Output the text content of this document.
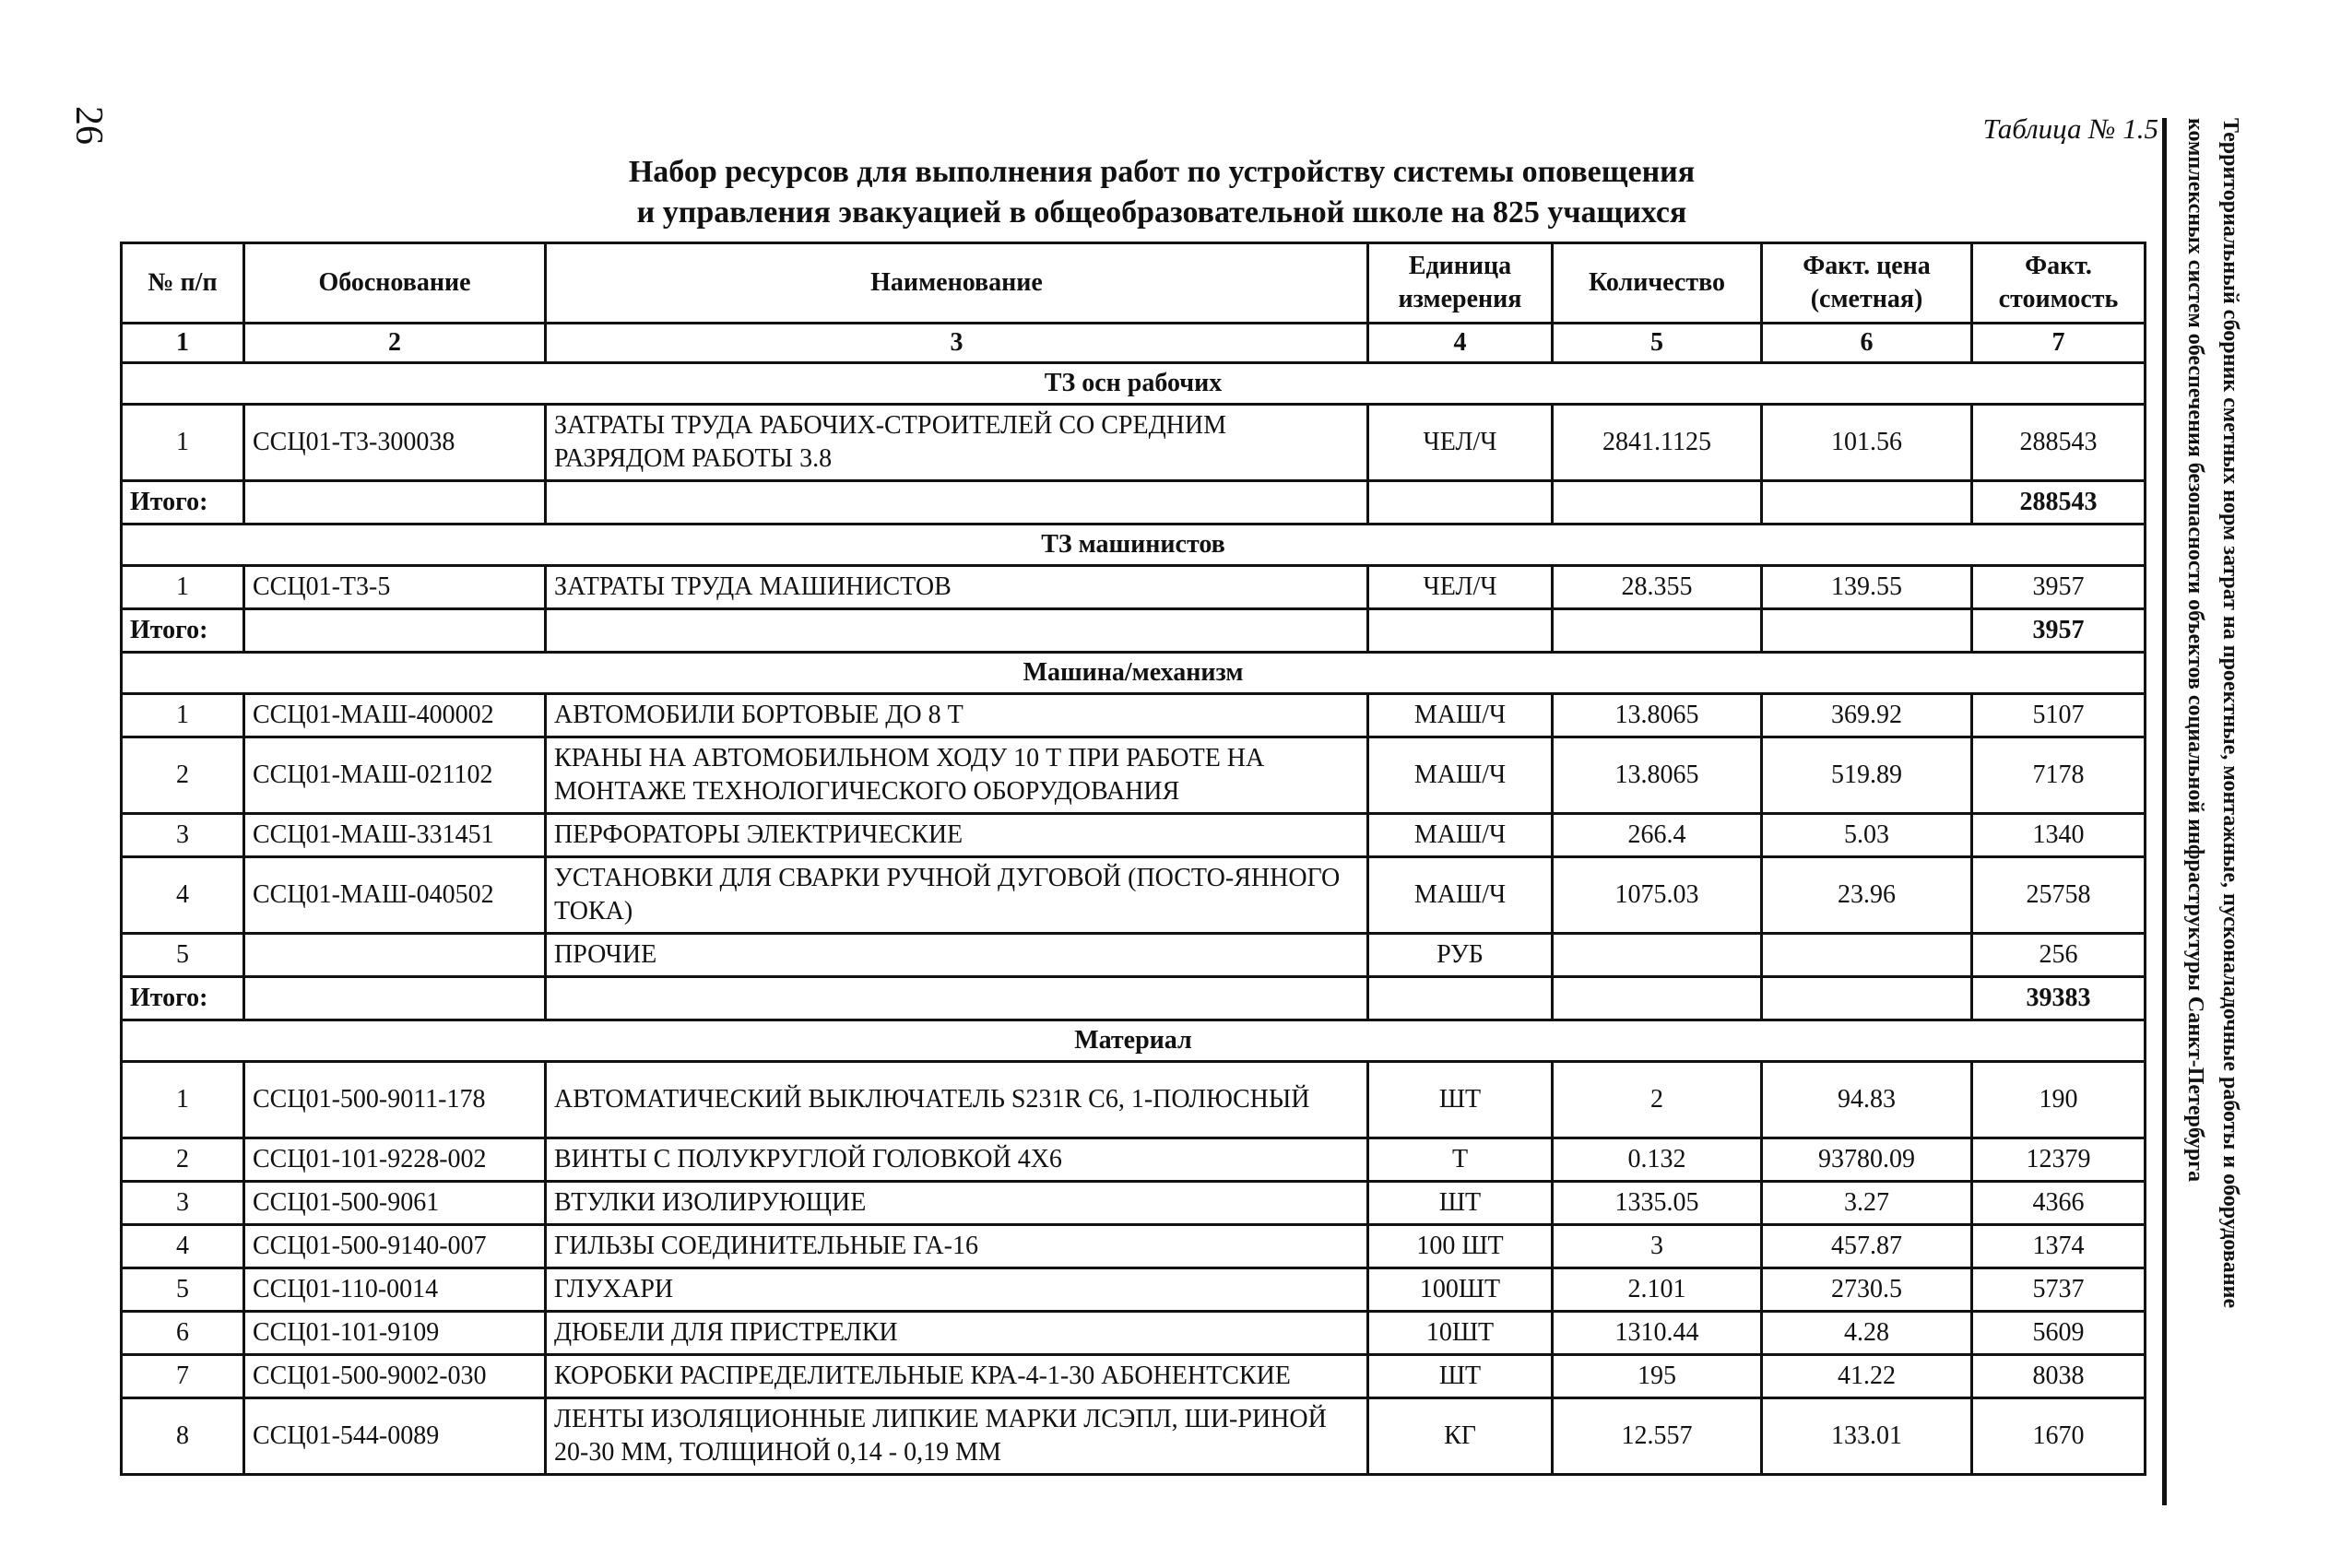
26	Таблица № 1.5
Набор ресурсов для выполнения работ по устройству системы оповещения
и управления эвакуацией в общеобразовательной школе на 825 учащихся	Территориальный сборник сметных норм затрат на проектные, монтажные, пусконаладочные работы и оборудование
комплексных систем обеспечения безопасности объектов социальной инфраструктуры Санкт-Петербурга
№ п/п	Обоснование	Наименование	Единица измерения	Количество	Факт. цена (сметная)	Факт. стоимость
1	2	3	4	5	6	7
ТЗ осн рабочих						
1	ССЦ01-Т3-300038	ЗАТРАТЫ ТРУДА РАБОЧИХ-СТРОИТЕЛЕЙ СО СРЕДНИМ РАЗРЯДОМ РАБОТЫ 3.8	ЧЕЛ/Ч	2841.1125	101.56	288543
Итого:						288543
ТЗ машинистов						
1	ССЦ01-Т3-5	ЗАТРАТЫ ТРУДА МАШИНИСТОВ	ЧЕЛ/Ч	28.355	139.55	3957
Итого:						3957
Машина/механизм						
1	ССЦ01-МАШ-400002	АВТОМОБИЛИ БОРТОВЫЕ ДО 8 Т	МАШ/Ч	13.8065	369.92	5107
2	ССЦ01-МАШ-021102	КРАНЫ НА АВТОМОБИЛЬНОМ ХОДУ 10 Т ПРИ РАБОТЕ НА МОНТАЖЕ ТЕХНОЛОГИЧЕСКОГО ОБОРУДОВАНИЯ	МАШ/Ч	13.8065	519.89	7178
3	ССЦ01-МАШ-331451	ПЕРФОРАТОРЫ ЭЛЕКТРИЧЕСКИЕ	МАШ/Ч	266.4	5.03	1340
4	ССЦ01-МАШ-040502	УСТАНОВКИ ДЛЯ СВАРКИ РУЧНОЙ ДУГОВОЙ (ПОСТО-ЯННОГО ТОКА)	МАШ/Ч	1075.03	23.96	25758
5		ПРОЧИЕ	РУБ			256
Итого:						39383
Материал						
1	ССЦ01-500-9011-178	АВТОМАТИЧЕСКИЙ ВЫКЛЮЧАТЕЛЬ S231R С6, 1-ПОЛЮСНЫЙ	ШТ	2	94.83	190
2	ССЦ01-101-9228-002	ВИНТЫ С ПОЛУКРУГЛОЙ ГОЛОВКОЙ 4Х6	Т	0.132	93780.09	12379
3	ССЦ01-500-9061	ВТУЛКИ ИЗОЛИРУЮЩИЕ	ШТ	1335.05	3.27	4366
4	ССЦ01-500-9140-007	ГИЛЬЗЫ СОЕДИНИТЕЛЬНЫЕ ГА-16	100 ШТ	3	457.87	1374
5	ССЦ01-110-0014	ГЛУХАРИ	100ШТ	2.101	2730.5	5737
6	ССЦ01-101-9109	ДЮБЕЛИ ДЛЯ ПРИСТРЕЛКИ	10ШТ	1310.44	4.28	5609
7	ССЦ01-500-9002-030	КОРОБКИ РАСПРЕДЕЛИТЕЛЬНЫЕ КРА-4-1-30 АБОНЕНТСКИЕ	ШТ	195	41.22	8038
8	ССЦ01-544-0089	ЛЕНТЫ ИЗОЛЯЦИОННЫЕ ЛИПКИЕ МАРКИ ЛСЭПЛ, ШИ-РИНОЙ 20-30 ММ, ТОЛЩИНОЙ 0,14 - 0,19 ММ	КГ	12.557	133.01	1670
